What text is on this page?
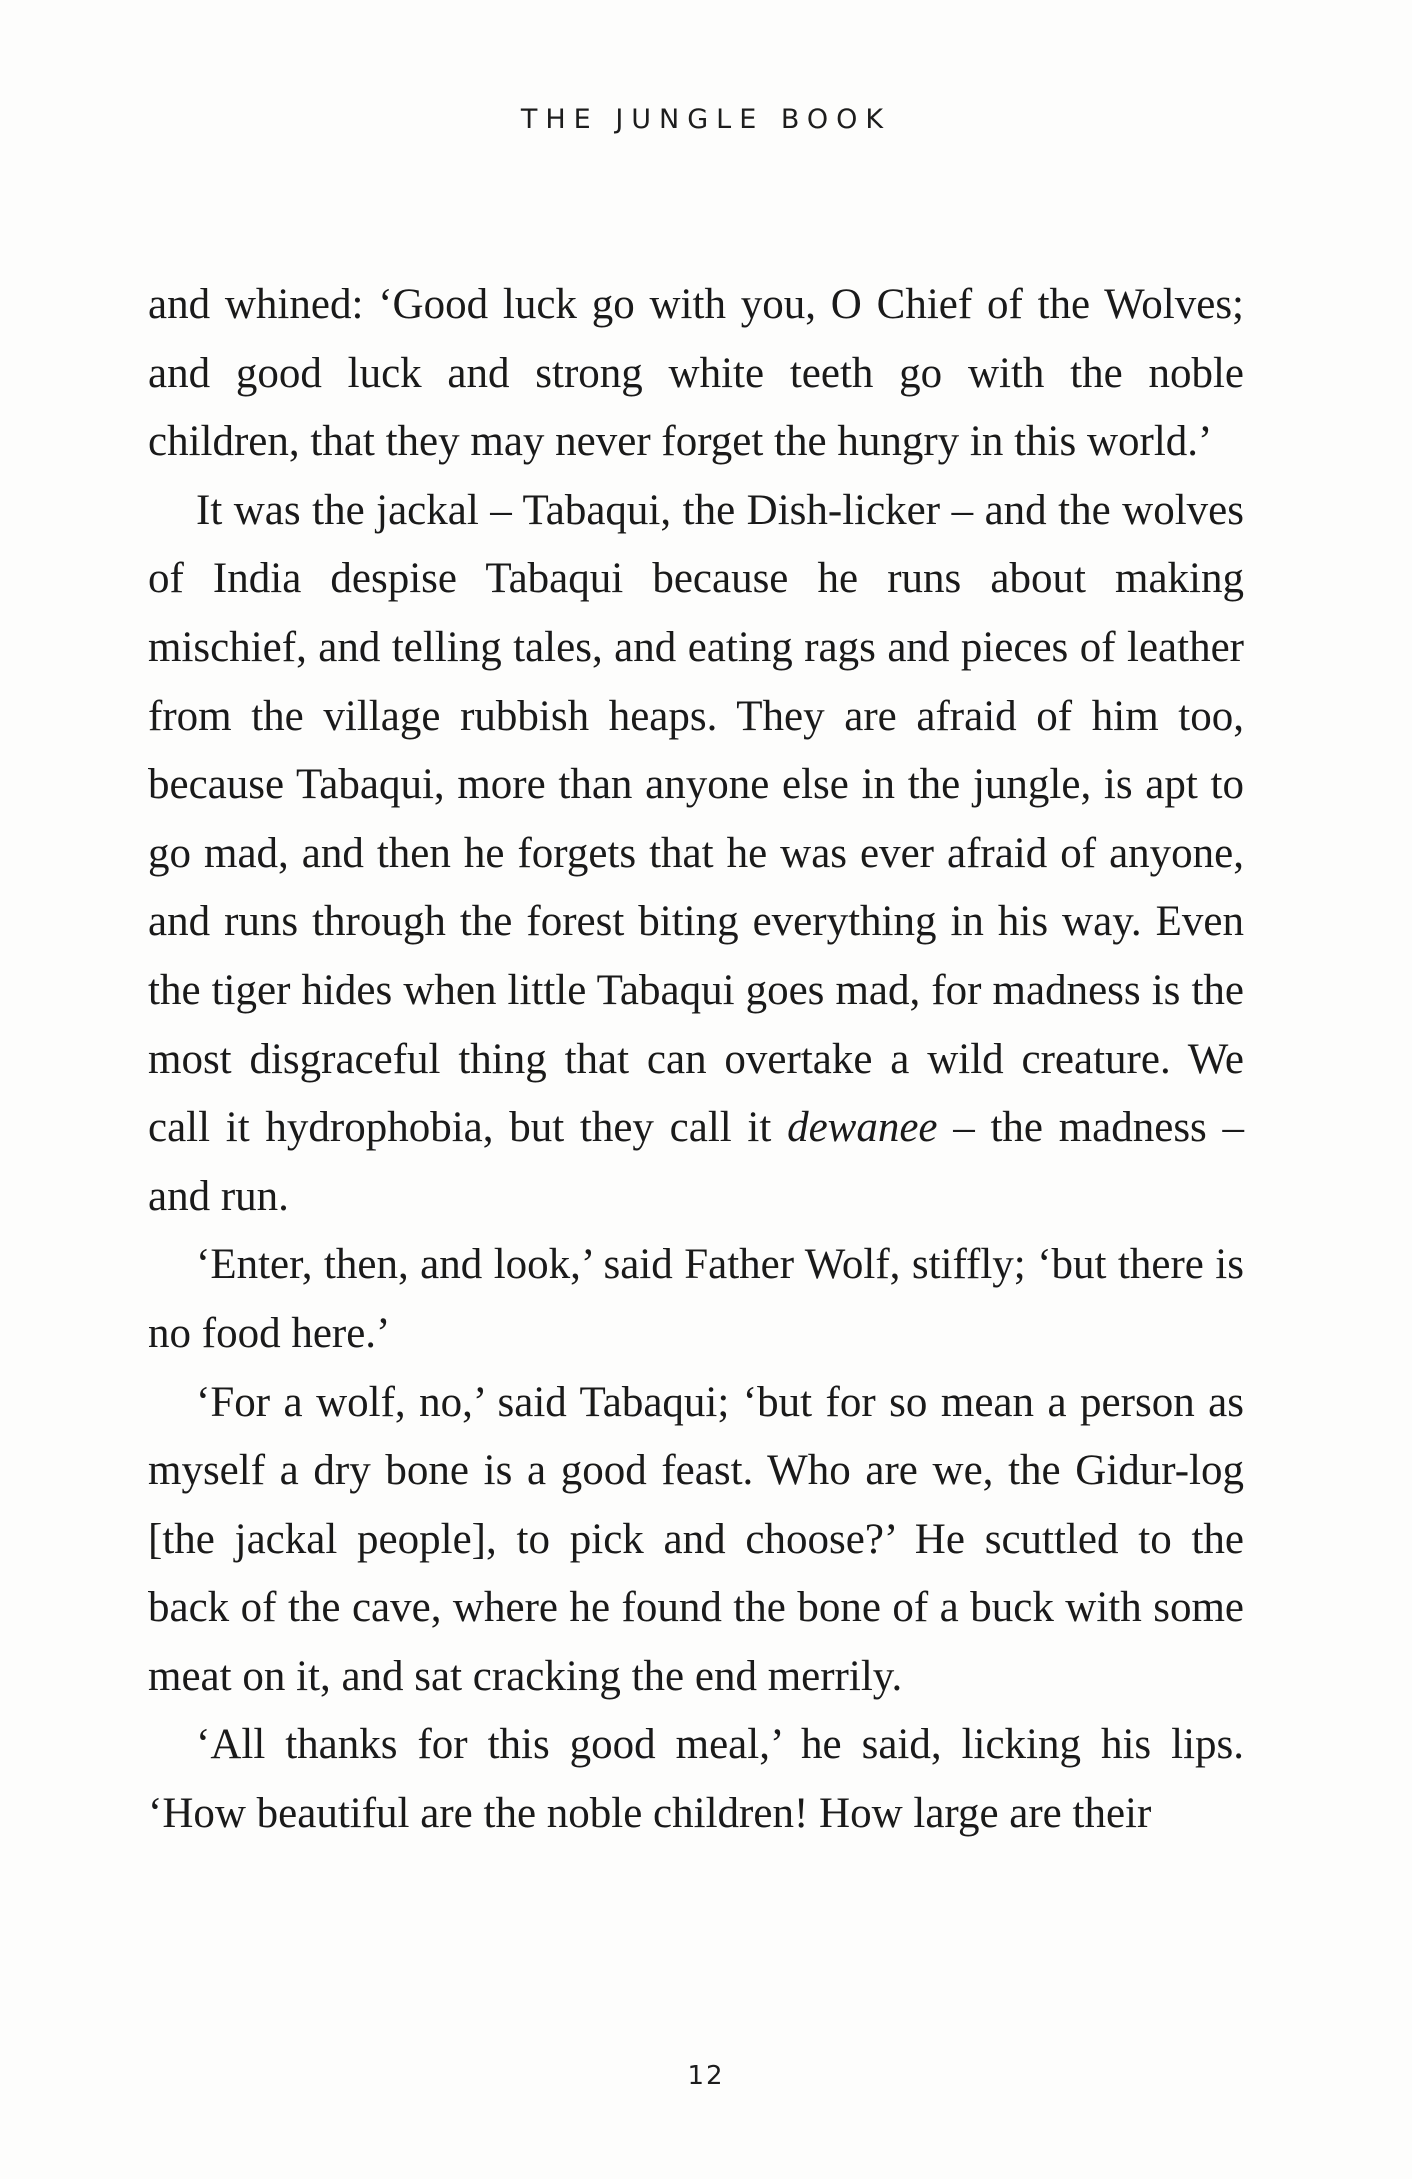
THE JUNGLE BOOK

and whined: ‘Good luck go with you, O Chief of the Wolves; and good luck and strong white teeth go with the noble children, that they may never forget the hungry in this world.’

It was the jackal – Tabaqui, the Dish-licker – and the wolves of India despise Tabaqui because he runs about making mischief, and telling tales, and eating rags and pieces of leather from the village rubbish heaps. They are afraid of him too, because Tabaqui, more than anyone else in the jungle, is apt to go mad, and then he forgets that he was ever afraid of anyone, and runs through the forest biting everything in his way. Even the tiger hides when little Tabaqui goes mad, for madness is the most disgraceful thing that can overtake a wild creature. We call it hydrophobia, but they call it dewanee – the madness – and run.

‘Enter, then, and look,’ said Father Wolf, stiffly; ‘but there is no food here.’

‘For a wolf, no,’ said Tabaqui; ‘but for so mean a person as myself a dry bone is a good feast. Who are we, the Gidur-log [the jackal people], to pick and choose?’ He scuttled to the back of the cave, where he found the bone of a buck with some meat on it, and sat cracking the end merrily.

‘All thanks for this good meal,’ he said, licking his lips. ‘How beautiful are the noble children! How large are their

12
